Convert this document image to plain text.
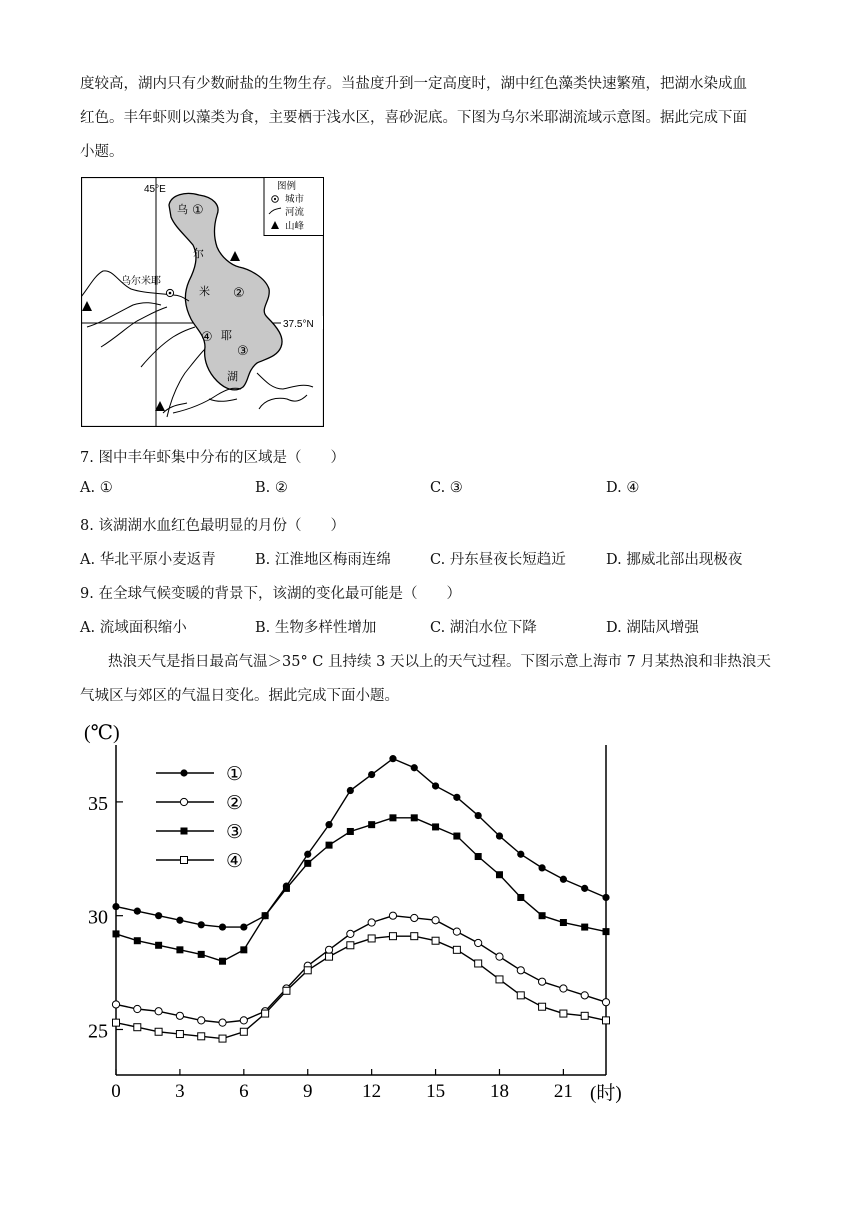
度较高，湖内只有少数耐盐的生物生存。当盐度升到一定高度时，湖中红色藻类快速繁殖，把湖水染成血
红色。丰年虾则以藻类为食，主要栖于浅水区，喜砂泥底。下图为乌尔米耶湖流域示意图。据此完成下面
小题。
45°E
37.5°N
乌尔米耶
乌
尔
米
耶
湖
①
②
③
④
图例
城市
河流
山峰
7. 图中丰年虾集中分布的区域是（　　）
A. ①	B. ②	C. ③	D. ④
8. 该湖湖水血红色最明显的月份（　　）
A. 华北平原小麦返青	B. 江淮地区梅雨连绵	C. 丹东昼夜长短趋近	D. 挪威北部出现极夜
9. 在全球气候变暖的背景下，该湖的变化最可能是（　　）
A. 流域面积缩小	B. 生物多样性增加	C. 湖泊水位下降	D. 湖陆风增强
热浪天气是指日最高气温＞35° C 且持续 3 天以上的天气过程。下图示意上海市 7 月某热浪和非热浪天
气城区与郊区的气温日变化。据此完成下面小题。
25
30
35
0	3	6	9	12 15 18 21
(℃)
(时)
①
②
③
④
